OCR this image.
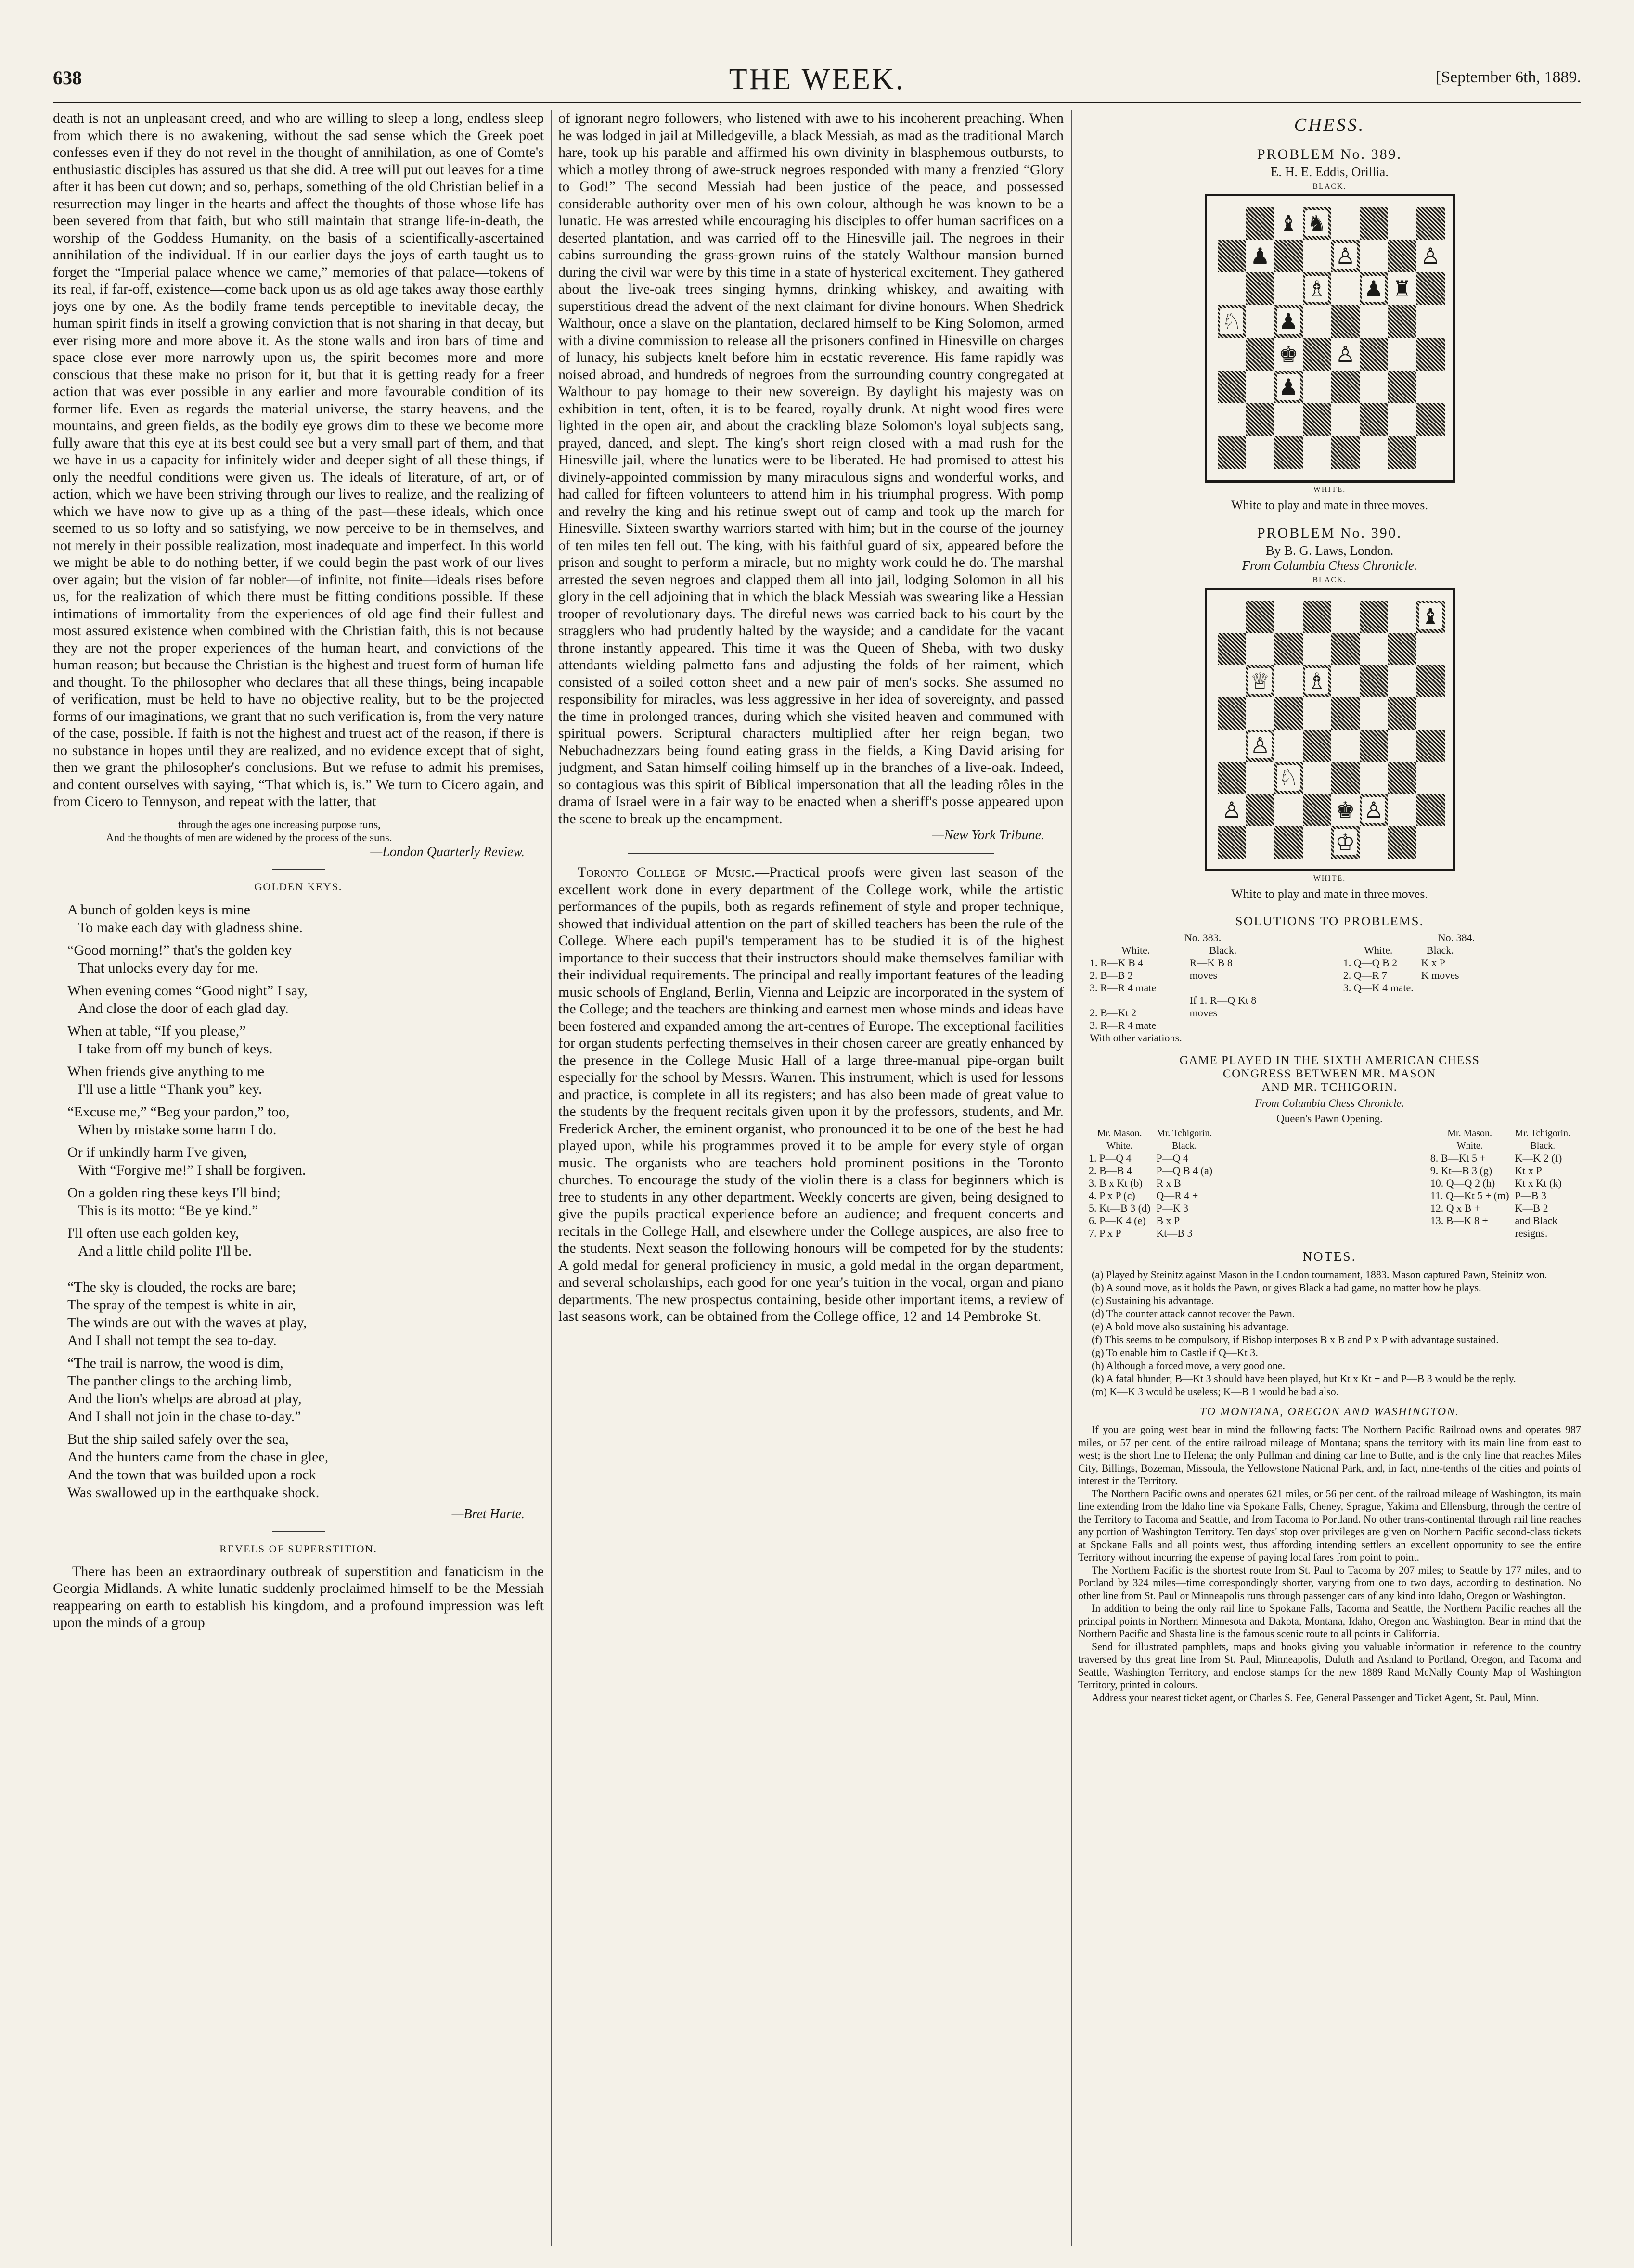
638	THE WEEK.	[September 6th, 1889.

death is not an unpleasant creed, and who are willing to sleep a long, endless sleep from which there is no awakening, without the sad sense which the Greek poet confesses even if they do not revel in the thought of annihilation, as one of Comte's enthusiastic disciples has assured us that she did. A tree will put out leaves for a time after it has been cut down; and so, perhaps, something of the old Christian belief in a resurrection may linger in the hearts and affect the thoughts of those whose life has been severed from that faith, but who still maintain that strange life-in-death, the worship of the Goddess Humanity, on the basis of a scientifically-ascertained annihilation of the individual. If in our earlier days the joys of earth taught us to forget the “Imperial palace whence we came,” memories of that palace—tokens of its real, if far-off, existence—come back upon us as old age takes away those earthly joys one by one. As the bodily frame tends perceptible to inevitable decay, the human spirit finds in itself a growing conviction that is not sharing in that decay, but ever rising more and more above it. As the stone walls and iron bars of time and space close ever more narrowly upon us, the spirit becomes more and more conscious that these make no prison for it, but that it is getting ready for a freer action that was ever possible in any earlier and more favourable condition of its former life. Even as regards the material universe, the starry heavens, and the mountains, and green fields, as the bodily eye grows dim to these we become more fully aware that this eye at its best could see but a very small part of them, and that we have in us a capacity for infinitely wider and deeper sight of all these things, if only the needful conditions were given us. The ideals of literature, of art, or of action, which we have been striving through our lives to realize, and the realizing of which we have now to give up as a thing of the past—these ideals, which once seemed to us so lofty and so satisfying, we now perceive to be in themselves, and not merely in their possible realization, most inadequate and imperfect. In this world we might be able to do nothing better, if we could begin the past work of our lives over again; but the vision of far nobler—of infinite, not finite—ideals rises before us, for the realization of which there must be fitting conditions possible. If these intimations of immortality from the experiences of old age find their fullest and most assured existence when combined with the Christian faith, this is not because they are not the proper experiences of the human heart, and convictions of the human reason; but because the Christian is the highest and truest form of human life and thought. To the philosopher who declares that all these things, being incapable of verification, must be held to have no objective reality, but to be the projected forms of our imaginations, we grant that no such verification is, from the very nature of the case, possible. If faith is not the highest and truest act of the reason, if there is no substance in hopes until they are realized, and no evidence except that of sight, then we grant the philosopher's conclusions. But we refuse to admit his premises, and content ourselves with saying, “That which is, is.” We turn to Cicero again, and from Cicero to Tennyson, and repeat with the latter, that

through the ages one increasing purpose runs,
And the thoughts of men are widened by the process of the suns.
—London Quarterly Review.
GOLDEN KEYS.
A bunch of golden keys is mine
To make each day with gladness shine.
“Good morning!” that's the golden key
That unlocks every day for me.
When evening comes “Good night” I say,
And close the door of each glad day.
When at table, “If you please,”
I take from off my bunch of keys.
When friends give anything to me
I'll use a little “Thank you” key.
“Excuse me,” “Beg your pardon,” too,
When by mistake some harm I do.
Or if unkindly harm I've given,
With “Forgive me!” I shall be forgiven.
On a golden ring these keys I'll bind;
This is its motto: “Be ye kind.”
I'll often use each golden key,
And a little child polite I'll be.
“The sky is clouded, the rocks are bare;
The spray of the tempest is white in air,
The winds are out with the waves at play,
And I shall not tempt the sea to-day.
“The trail is narrow, the wood is dim,
The panther clings to the arching limb,
And the lion's whelps are abroad at play,
And I shall not join in the chase to-day.”
But the ship sailed safely over the sea,
And the hunters came from the chase in glee,
And the town that was builded upon a rock
Was swallowed up in the earthquake shock.
—Bret Harte.
REVELS OF SUPERSTITION.

There has been an extraordinary outbreak of superstition and fanaticism in the Georgia Midlands. A white lunatic suddenly proclaimed himself to be the Messiah reappearing on earth to establish his kingdom, and a profound impression was left upon the minds of a group

of ignorant negro followers, who listened with awe to his incoherent preaching. When he was lodged in jail at Milledgeville, a black Messiah, as mad as the traditional March hare, took up his parable and affirmed his own divinity in blasphemous outbursts, to which a motley throng of awe-struck negroes responded with many a frenzied “Glory to God!” The second Messiah had been justice of the peace, and possessed considerable authority over men of his own colour, although he was known to be a lunatic. He was arrested while encouraging his disciples to offer human sacrifices on a deserted plantation, and was carried off to the Hinesville jail. The negroes in their cabins surrounding the grass-grown ruins of the stately Walthour mansion burned during the civil war were by this time in a state of hysterical excitement. They gathered about the live-oak trees singing hymns, drinking whiskey, and awaiting with superstitious dread the advent of the next claimant for divine honours. When Shedrick Walthour, once a slave on the plantation, declared himself to be King Solomon, armed with a divine commission to release all the prisoners confined in Hinesville on charges of lunacy, his subjects knelt before him in ecstatic reverence. His fame rapidly was noised abroad, and hundreds of negroes from the surrounding country congregated at Walthour to pay homage to their new sovereign. By daylight his majesty was on exhibition in tent, often, it is to be feared, royally drunk. At night wood fires were lighted in the open air, and about the crackling blaze Solomon's loyal subjects sang, prayed, danced, and slept. The king's short reign closed with a mad rush for the Hinesville jail, where the lunatics were to be liberated. He had promised to attest his divinely-appointed commission by many miraculous signs and wonderful works, and had called for fifteen volunteers to attend him in his triumphal progress. With pomp and revelry the king and his retinue swept out of camp and took up the march for Hinesville. Sixteen swarthy warriors started with him; but in the course of the journey of ten miles ten fell out. The king, with his faithful guard of six, appeared before the prison and sought to perform a miracle, but no mighty work could he do. The marshal arrested the seven negroes and clapped them all into jail, lodging Solomon in all his glory in the cell adjoining that in which the black Messiah was swearing like a Hessian trooper of revolutionary days. The direful news was carried back to his court by the stragglers who had prudently halted by the wayside; and a candidate for the vacant throne instantly appeared. This time it was the Queen of Sheba, with two dusky attendants wielding palmetto fans and adjusting the folds of her raiment, which consisted of a soiled cotton sheet and a new pair of men's socks. She assumed no responsibility for miracles, was less aggressive in her idea of sovereignty, and passed the time in prolonged trances, during which she visited heaven and communed with spiritual powers. Scriptural characters multiplied after her reign began, two Nebuchadnezzars being found eating grass in the fields, a King David arising for judgment, and Satan himself coiling himself up in the branches of a live-oak. Indeed, so contagious was this spirit of Biblical impersonation that all the leading rôles in the drama of Israel were in a fair way to be enacted when a sheriff's posse appeared upon the scene to break up the encampment.

—New York Tribune.

Toronto College of Music.—Practical proofs were given last season of the excellent work done in every department of the College work, while the artistic performances of the pupils, both as regards refinement of style and proper technique, showed that individual attention on the part of skilled teachers has been the rule of the College. Where each pupil's temperament has to be studied it is of the highest importance to their success that their instructors should make themselves familiar with their individual requirements. The principal and really important features of the leading music schools of England, Berlin, Vienna and Leipzic are incorporated in the system of the College; and the teachers are thinking and earnest men whose minds and ideas have been fostered and expanded among the art-centres of Europe. The exceptional facilities for organ students perfecting themselves in their chosen career are greatly enhanced by the presence in the College Music Hall of a large three-manual pipe-organ built especially for the school by Messrs. Warren. This instrument, which is used for lessons and practice, is complete in all its registers; and has also been made of great value to the students by the frequent recitals given upon it by the professors, students, and Mr. Frederick Archer, the eminent organist, who pronounced it to be one of the best he had played upon, while his programmes proved it to be ample for every style of organ music. The organists who are teachers hold prominent positions in the Toronto churches. To encourage the study of the violin there is a class for beginners which is free to students in any other department. Weekly concerts are given, being designed to give the pupils practical experience before an audience; and frequent concerts and recitals in the College Hall, and elsewhere under the College auspices, are also free to the students. Next season the following honours will be competed for by the students: A gold medal for general proficiency in music, a gold medal in the organ department, and several scholarships, each good for one year's tuition in the vocal, organ and piano departments. The new prospectus containing, beside other important items, a review of last seasons work, can be obtained from the College office, 12 and 14 Pembroke St.

CHESS.
PROBLEM No. 389.
E. H. E. Eddis, Orillia.
BLACK.
♝ ♞
♟	♙	♙
♗ ♟ ♜
♘ ♟
♚ ♙
♟
WHITE.
White to play and mate in three moves.
PROBLEM No. 390.
By B. G. Laws, London.
From Columbia Chess Chronicle.
BLACK.
♝
♕ ♗
♙
♘
♙	♚ ♙
♔
WHITE.
White to play and mate in three moves.
SOLUTIONS TO PROBLEMS.
No. 383.
White.	Black.
1. R—K B 4	R—K B 8
2. B—B 2	moves
3. R—R 4 mate	
	If 1. R—Q Kt 8
2. B—Kt 2	moves
3. R—R 4 mate	
With other variations.	
No. 384.
White.	Black.
1. Q—Q B 2	K x P
2. Q—R 7	K moves
3. Q—K 4 mate.	
GAME PLAYED IN THE SIXTH AMERICAN CHESS
CONGRESS BETWEEN MR. MASON
AND MR. TCHIGORIN.
From Columbia Chess Chronicle.
Queen's Pawn Opening.
Mr. Mason.	Mr. Tchigorin.
White.	Black.
1. P—Q 4	P—Q 4
2. B—B 4	P—Q B 4 (a)
3. B x Kt (b)	R x B
4. P x P (c)	Q—R 4 +
5. Kt—B 3 (d)	P—K 3
6. P—K 4 (e)	B x P
7. P x P	Kt—B 3
Mr. Mason.	Mr. Tchigorin.
White.	Black.
8. B—Kt 5 +	K—K 2 (f)
9. Kt—B 3 (g)	Kt x P
10. Q—Q 2 (h)	Kt x Kt (k)
11. Q—Kt 5 + (m)	P—B 3
12. Q x B +	K—B 2
13. B—K 8 +	and Black
	resigns.
NOTES.

(a) Played by Steinitz against Mason in the London tournament, 1883. Mason captured Pawn, Steinitz won.

(b) A sound move, as it holds the Pawn, or gives Black a bad game, no matter how he plays.

(c) Sustaining his advantage.

(d) The counter attack cannot recover the Pawn.

(e) A bold move also sustaining his advantage.

(f) This seems to be compulsory, if Bishop interposes B x B and P x P with advantage sustained.

(g) To enable him to Castle if Q—Kt 3.

(h) Although a forced move, a very good one.

(k) A fatal blunder; B—Kt 3 should have been played, but Kt x Kt + and P—B 3 would be the reply.

(m) K—K 3 would be useless; K—B 1 would be bad also.

TO MONTANA, OREGON AND WASHINGTON.

If you are going west bear in mind the following facts: The Northern Pacific Railroad owns and operates 987 miles, or 57 per cent. of the entire railroad mileage of Montana; spans the territory with its main line from east to west; is the short line to Helena; the only Pullman and dining car line to Butte, and is the only line that reaches Miles City, Billings, Bozeman, Missoula, the Yellowstone National Park, and, in fact, nine-tenths of the cities and points of interest in the Territory.

The Northern Pacific owns and operates 621 miles, or 56 per cent. of the railroad mileage of Washington, its main line extending from the Idaho line via Spokane Falls, Cheney, Sprague, Yakima and Ellensburg, through the centre of the Territory to Tacoma and Seattle, and from Tacoma to Portland. No other trans-continental through rail line reaches any portion of Washington Territory. Ten days' stop over privileges are given on Northern Pacific second-class tickets at Spokane Falls and all points west, thus affording intending settlers an excellent opportunity to see the entire Territory without incurring the expense of paying local fares from point to point.

The Northern Pacific is the shortest route from St. Paul to Tacoma by 207 miles; to Seattle by 177 miles, and to Portland by 324 miles—time correspondingly shorter, varying from one to two days, according to destination. No other line from St. Paul or Minneapolis runs through passenger cars of any kind into Idaho, Oregon or Washington.

In addition to being the only rail line to Spokane Falls, Tacoma and Seattle, the Northern Pacific reaches all the principal points in Northern Minnesota and Dakota, Montana, Idaho, Oregon and Washington. Bear in mind that the Northern Pacific and Shasta line is the famous scenic route to all points in California.

Send for illustrated pamphlets, maps and books giving you valuable information in reference to the country traversed by this great line from St. Paul, Minneapolis, Duluth and Ashland to Portland, Oregon, and Tacoma and Seattle, Washington Territory, and enclose stamps for the new 1889 Rand McNally County Map of Washington Territory, printed in colours.

Address your nearest ticket agent, or Charles S. Fee, General Passenger and Ticket Agent, St. Paul, Minn.
